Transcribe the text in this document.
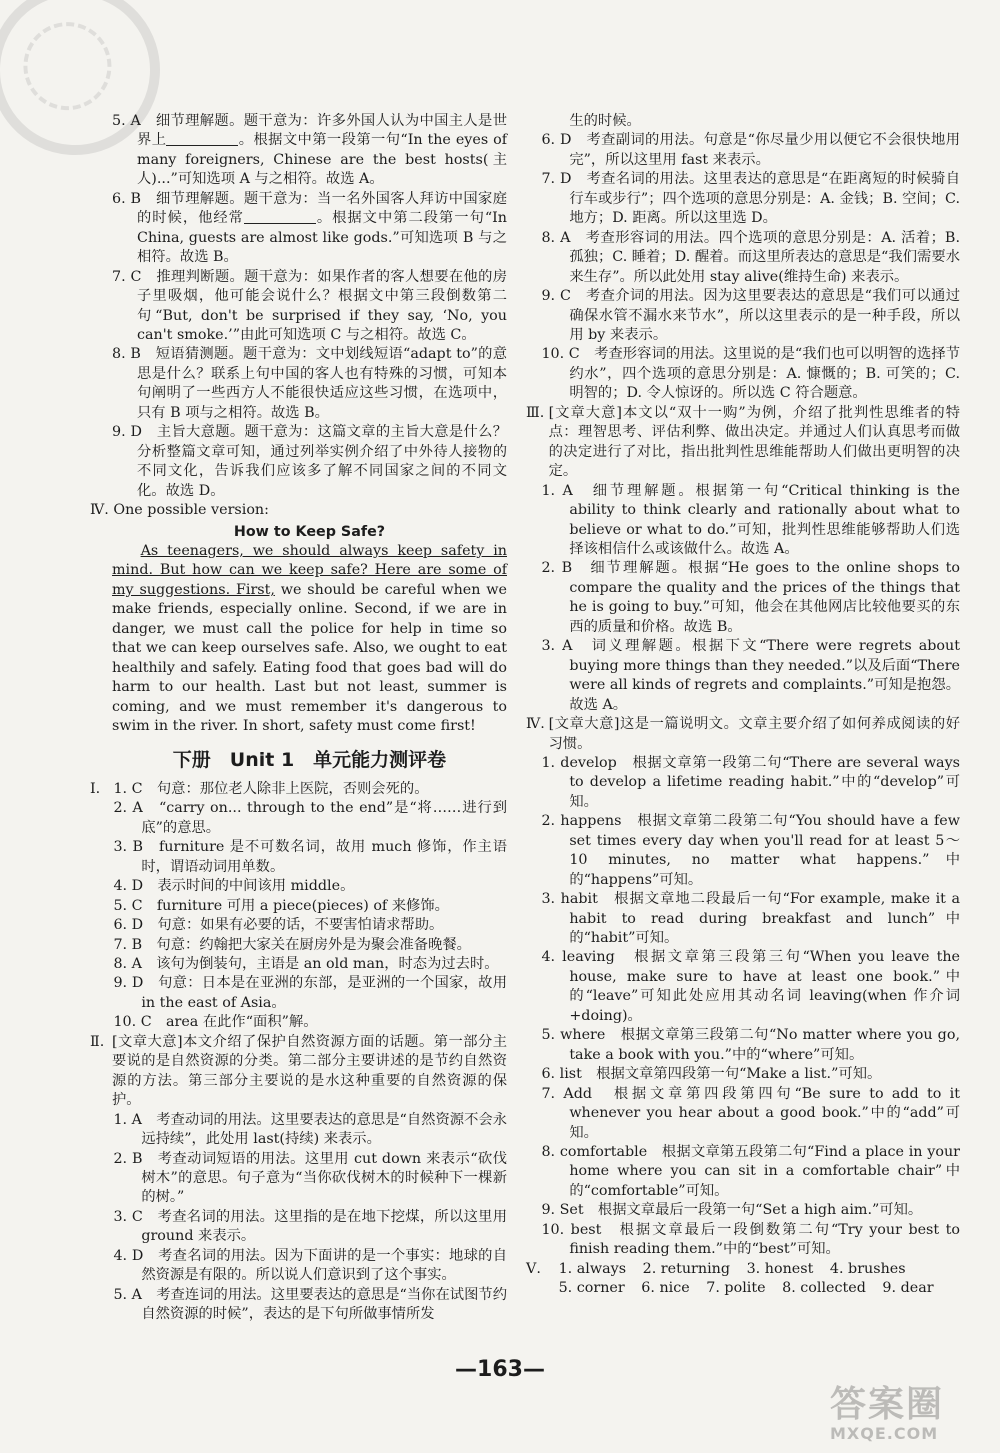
5. A　细节理解题。题干意为：许多外国人认为中国主人是世界上	。根据文中第一段第一句“In the eyes of many foreigners, Chinese are the best hosts(主人)...”可知选项 A 与之相符。故选 A。

6. B　细节理解题。题干意为：当一名外国客人拜访中国家庭的时候，他经常	。根据文中第二段第一句“In China, guests are almost like gods.”可知选项 B 与之相符。故选 B。

7. C　推理判断题。题干意为：如果作者的客人想要在他的房子里吸烟，他可能会说什么？根据文中第三段倒数第二句“But, don't be surprised if they say, ‘No, you can't smoke.’”由此可知选项 C 与之相符。故选 C。

8. B　短语猜测题。题干意为：文中划线短语“adapt to”的意思是什么？联系上句中国的客人也有特殊的习惯，可知本句阐明了一些西方人不能很快适应这些习惯，在选项中，只有 B 项与之相符。故选 B。

9. D　主旨大意题。题干意为：这篇文章的主旨大意是什么？分析整篇文章可知，通过列举实例介绍了中外待人接物的不同文化，告诉我们应该多了解不同国家之间的不同文化。故选 D。

Ⅳ. One possible version:

How to Keep Safe?

As teenagers, we should always keep safety in mind. But how can we keep safe? Here are some of my suggestions. First, we should be careful when we make friends, especially online. Second, if we are in danger, we must call the police for help in time so that we can keep ourselves safe. Also, we ought to eat healthily and safely. Eating food that goes bad will do harm to our health. Last but not least, summer is coming, and we must remember it's dangerous to swim in the river. In short, safety must come first!

下册　Unit 1　单元能力测评卷

Ⅰ. 1. C　句意：那位老人除非上医院，否则会死的。

2. A　“carry on... through to the end”是“将……进行到底”的意思。

3. B　furniture 是不可数名词，故用 much 修饰，作主语时，谓语动词用单数。

4. D　表示时间的中间该用 middle。

5. C　furniture 可用 a piece(pieces) of 来修饰。

6. D　句意：如果有必要的话，不要害怕请求帮助。

7. B　句意：约翰把大家关在厨房外是为聚会准备晚餐。

8. A　该句为倒装句，主语是 an old man，时态为过去时。

9. D　句意：日本是在亚洲的东部，是亚洲的一个国家，故用 in the east of Asia。

10. C　area 在此作“面积”解。

Ⅱ. [文章大意]本文介绍了保护自然资源方面的话题。第一部分主要说的是自然资源的分类。第二部分主要讲述的是节约自然资源的方法。第三部分主要说的是水这种重要的自然资源的保护。

1. A　考查动词的用法。这里要表达的意思是“自然资源不会永远持续”，此处用 last(持续) 来表示。

2. B　考查动词短语的用法。这里用 cut down 来表示“砍伐树木”的意思。句子意为“当你砍伐树木的时候种下一棵新的树。”

3. C　考查名词的用法。这里指的是在地下挖煤，所以这里用 ground 来表示。

4. D　考查名词的用法。因为下面讲的是一个事实：地球的自然资源是有限的。所以说人们意识到了这个事实。

5. A　考查连词的用法。这里要表达的意思是“当你在试图节约自然资源的时候”，表达的是下句所做事情所发

生的时候。

6. D　考查副词的用法。句意是“你尽量少用以便它不会很快地用完”，所以这里用 fast 来表示。

7. D　考查名词的用法。这里表达的意思是“在距离短的时候骑自行车或步行”；四个选项的意思分别是：A. 金钱；B. 空间；C. 地方；D. 距离。所以这里选 D。

8. A　考查形容词的用法。四个选项的意思分别是：A. 活着；B. 孤独；C. 睡着；D. 醒着。而这里所表达的意思是“我们需要水来生存”。所以此处用 stay alive(维持生命) 来表示。

9. C　考查介词的用法。因为这里要表达的意思是“我们可以通过确保水管不漏水来节水”，所以这里表示的是一种手段，所以用 by 来表示。

10. C　考查形容词的用法。这里说的是“我们也可以明智的选择节约水”，四个选项的意思分别是：A. 慷慨的；B. 可笑的；C. 明智的；D. 令人惊讶的。所以选 C 符合题意。

Ⅲ. [文章大意]本文以“双十一购”为例，介绍了批判性思维者的特点：理智思考、评估利弊、做出决定。并通过人们认真思考而做的决定进行了对比，指出批判性思维能帮助人们做出更明智的决定。

1. A　细节理解题。根据第一句“Critical thinking is the ability to think clearly and rationally about what to believe or what to do.”可知，批判性思维能够帮助人们选择该相信什么或该做什么。故选 A。

2. B　细节理解题。根据“He goes to the online shops to compare the quality and the prices of the things that he is going to buy.”可知，他会在其他网店比较他要买的东西的质量和价格。故选 B。

3. A　词义理解题。根据下文“There were regrets about buying more things than they needed.”以及后面“There were all kinds of regrets and complaints.”可知是抱怨。故选 A。

Ⅳ. [文章大意]这是一篇说明文。文章主要介绍了如何养成阅读的好习惯。

1. develop　根据文章第一段第二句“There are several ways to develop a lifetime reading habit.”中的“develop”可知。

2. happens　根据文章第二段第二句“You should have a few set times every day when you'll read for at least 5～10 minutes, no matter what happens.”中的“happens”可知。

3. habit　根据文章地二段最后一句“For example, make it a habit to read during breakfast and lunch”中的“habit”可知。

4. leaving　根据文章第三段第三句“When you leave the house, make sure to have at least one book.”中的“leave”可知此处应用其动名词 leaving(when 作介词+doing)。

5. where　根据文章第三段第二句“No matter where you go, take a book with you.”中的“where”可知。

6. list　根据文章第四段第一句“Make a list.”可知。

7. Add　根据文章第四段第四句“Be sure to add to it whenever you hear about a good book.”中的“add”可知。

8. comfortable　根据文章第五段第二句“Find a place in your home where you can sit in a comfortable chair”中的“comfortable”可知。

9. Set　根据文章最后一段第一句“Set a high aim.”可知。

10. best　根据文章最后一段倒数第二句“Try your best to finish reading them.”中的“best”可知。

Ⅴ.	1. always 2. returning 3. honest 4. brushes

5. corner 6. nice 7. polite 8. collected 9. dear

—163—
答案圈
MXQE.COM
